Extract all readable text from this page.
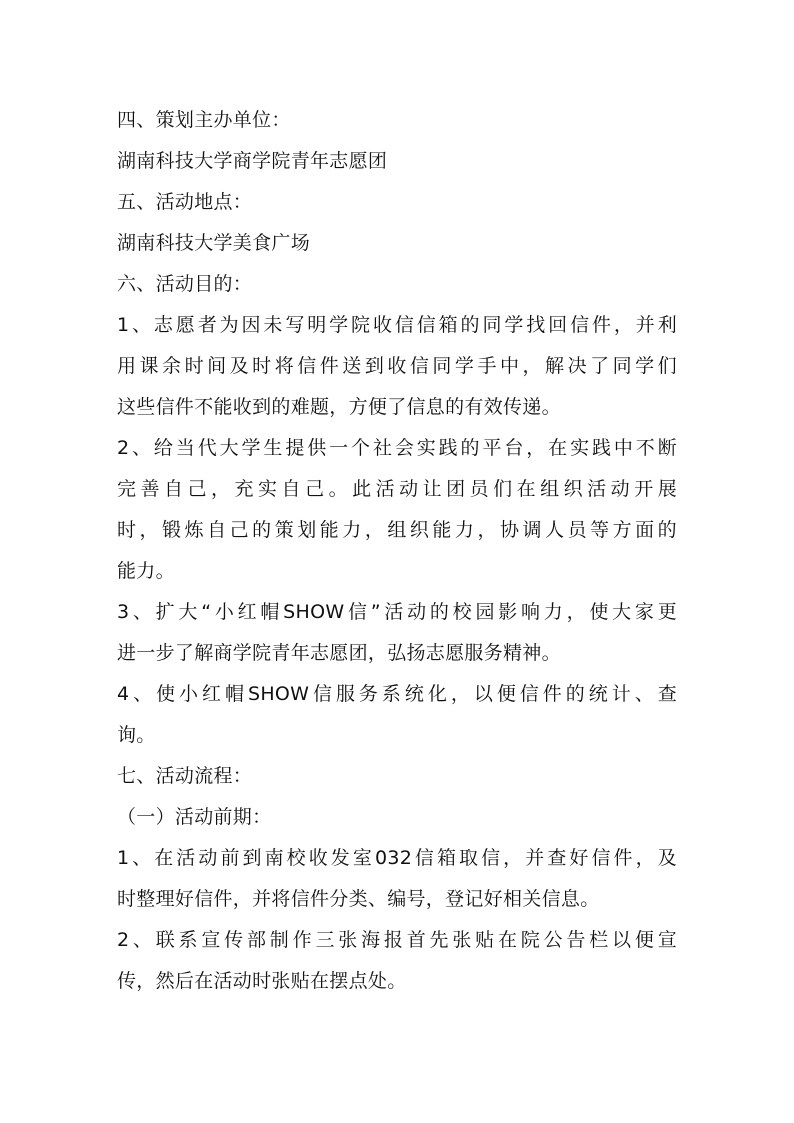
四、策划主办单位：
湖南科技大学商学院青年志愿团
五、活动地点：
湖南科技大学美食广场
六、活动目的：
1、志愿者为因未写明学院收信信箱的同学找回信件，并利
用课余时间及时将信件送到收信同学手中，解决了同学们
这些信件不能收到的难题，方便了信息的有效传递。
2、给当代大学生提供一个社会实践的平台，在实践中不断
完善自己，充实自己。此活动让团员们在组织活动开展
时，锻炼自己的策划能力，组织能力，协调人员等方面的
能力。
3、扩大“小红帽SHOW信”活动的校园影响力，使大家更
进一步了解商学院青年志愿团，弘扬志愿服务精神。
4、使小红帽SHOW信服务系统化，以便信件的统计、查
询。
七、活动流程：
（一）活动前期：
1、在活动前到南校收发室032信箱取信，并查好信件，及
时整理好信件，并将信件分类、编号，登记好相关信息。
2、联系宣传部制作三张海报首先张贴在院公告栏以便宣
传，然后在活动时张贴在摆点处。
